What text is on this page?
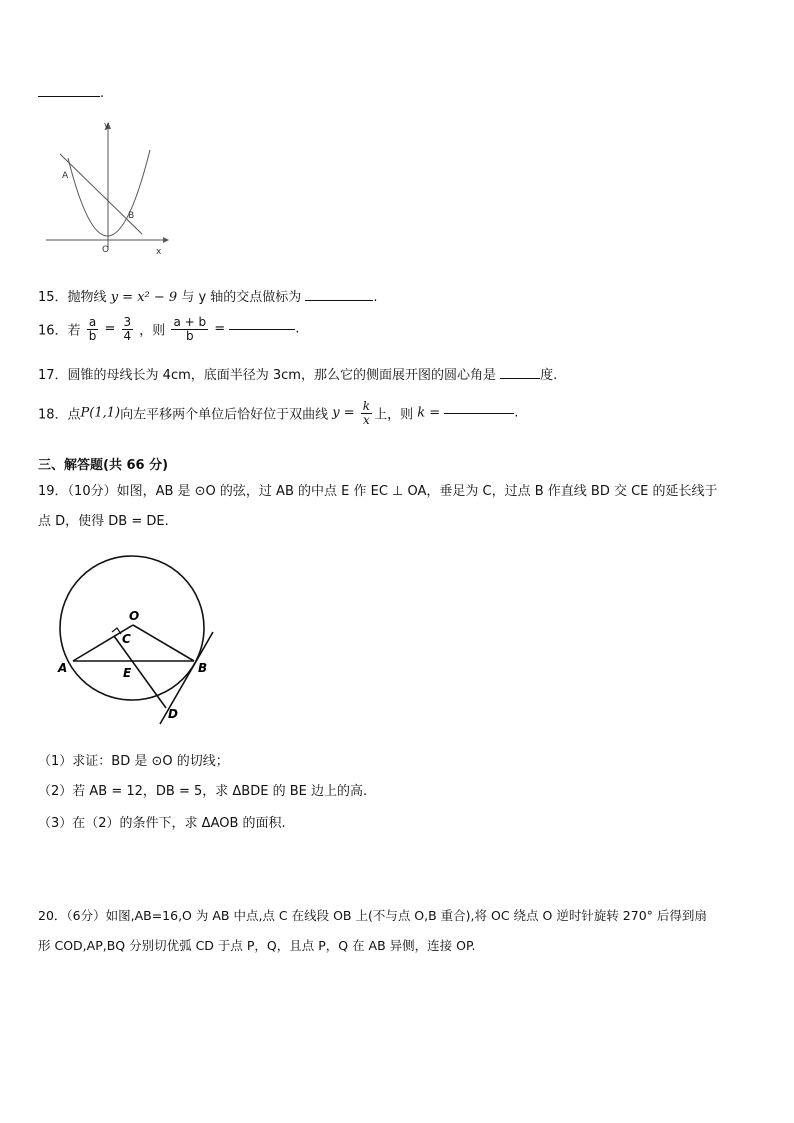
.
y
x
O
A
B
15．抛物线 y = x² − 9 与 y 轴的交点做标为	.
16．若 $\frac{a}{b} = \frac{3}{4}$ ，则 $\frac{a + b}{b}$ =	.
17．圆锥的母线长为 4cm，底面半径为 3cm，那么它的侧面展开图的圆心角是	度.
18．点P(1,1)向左平移两个单位后恰好位于双曲线 $y = \frac{k}{x}$ 上，则 k =	.
三、解答题(共 66 分)
19．（10分）如图，AB 是 ⊙O 的弦，过 AB 的中点 E 作 EC ⊥ OA，垂足为 C，过点 B 作直线 BD 交 CE 的延长线于
点 D，使得 DB = DE.
O
C
A	E	B
D
（1）求证：BD 是 ⊙O 的切线；
（2）若 AB = 12，DB = 5，求 ΔBDE 的 BE 边上的高.
（3）在（2）的条件下，求 ΔAOB 的面积.
20．（6分）如图,AB=16,O 为 AB 中点,点 C 在线段 OB 上(不与点 O,B 重合),将 OC 绕点 O 逆时针旋转 270° 后得到扇
形 COD,AP,BQ 分别切优弧 CD 于点 P，Q，且点 P，Q 在 AB 异侧，连接 OP.
